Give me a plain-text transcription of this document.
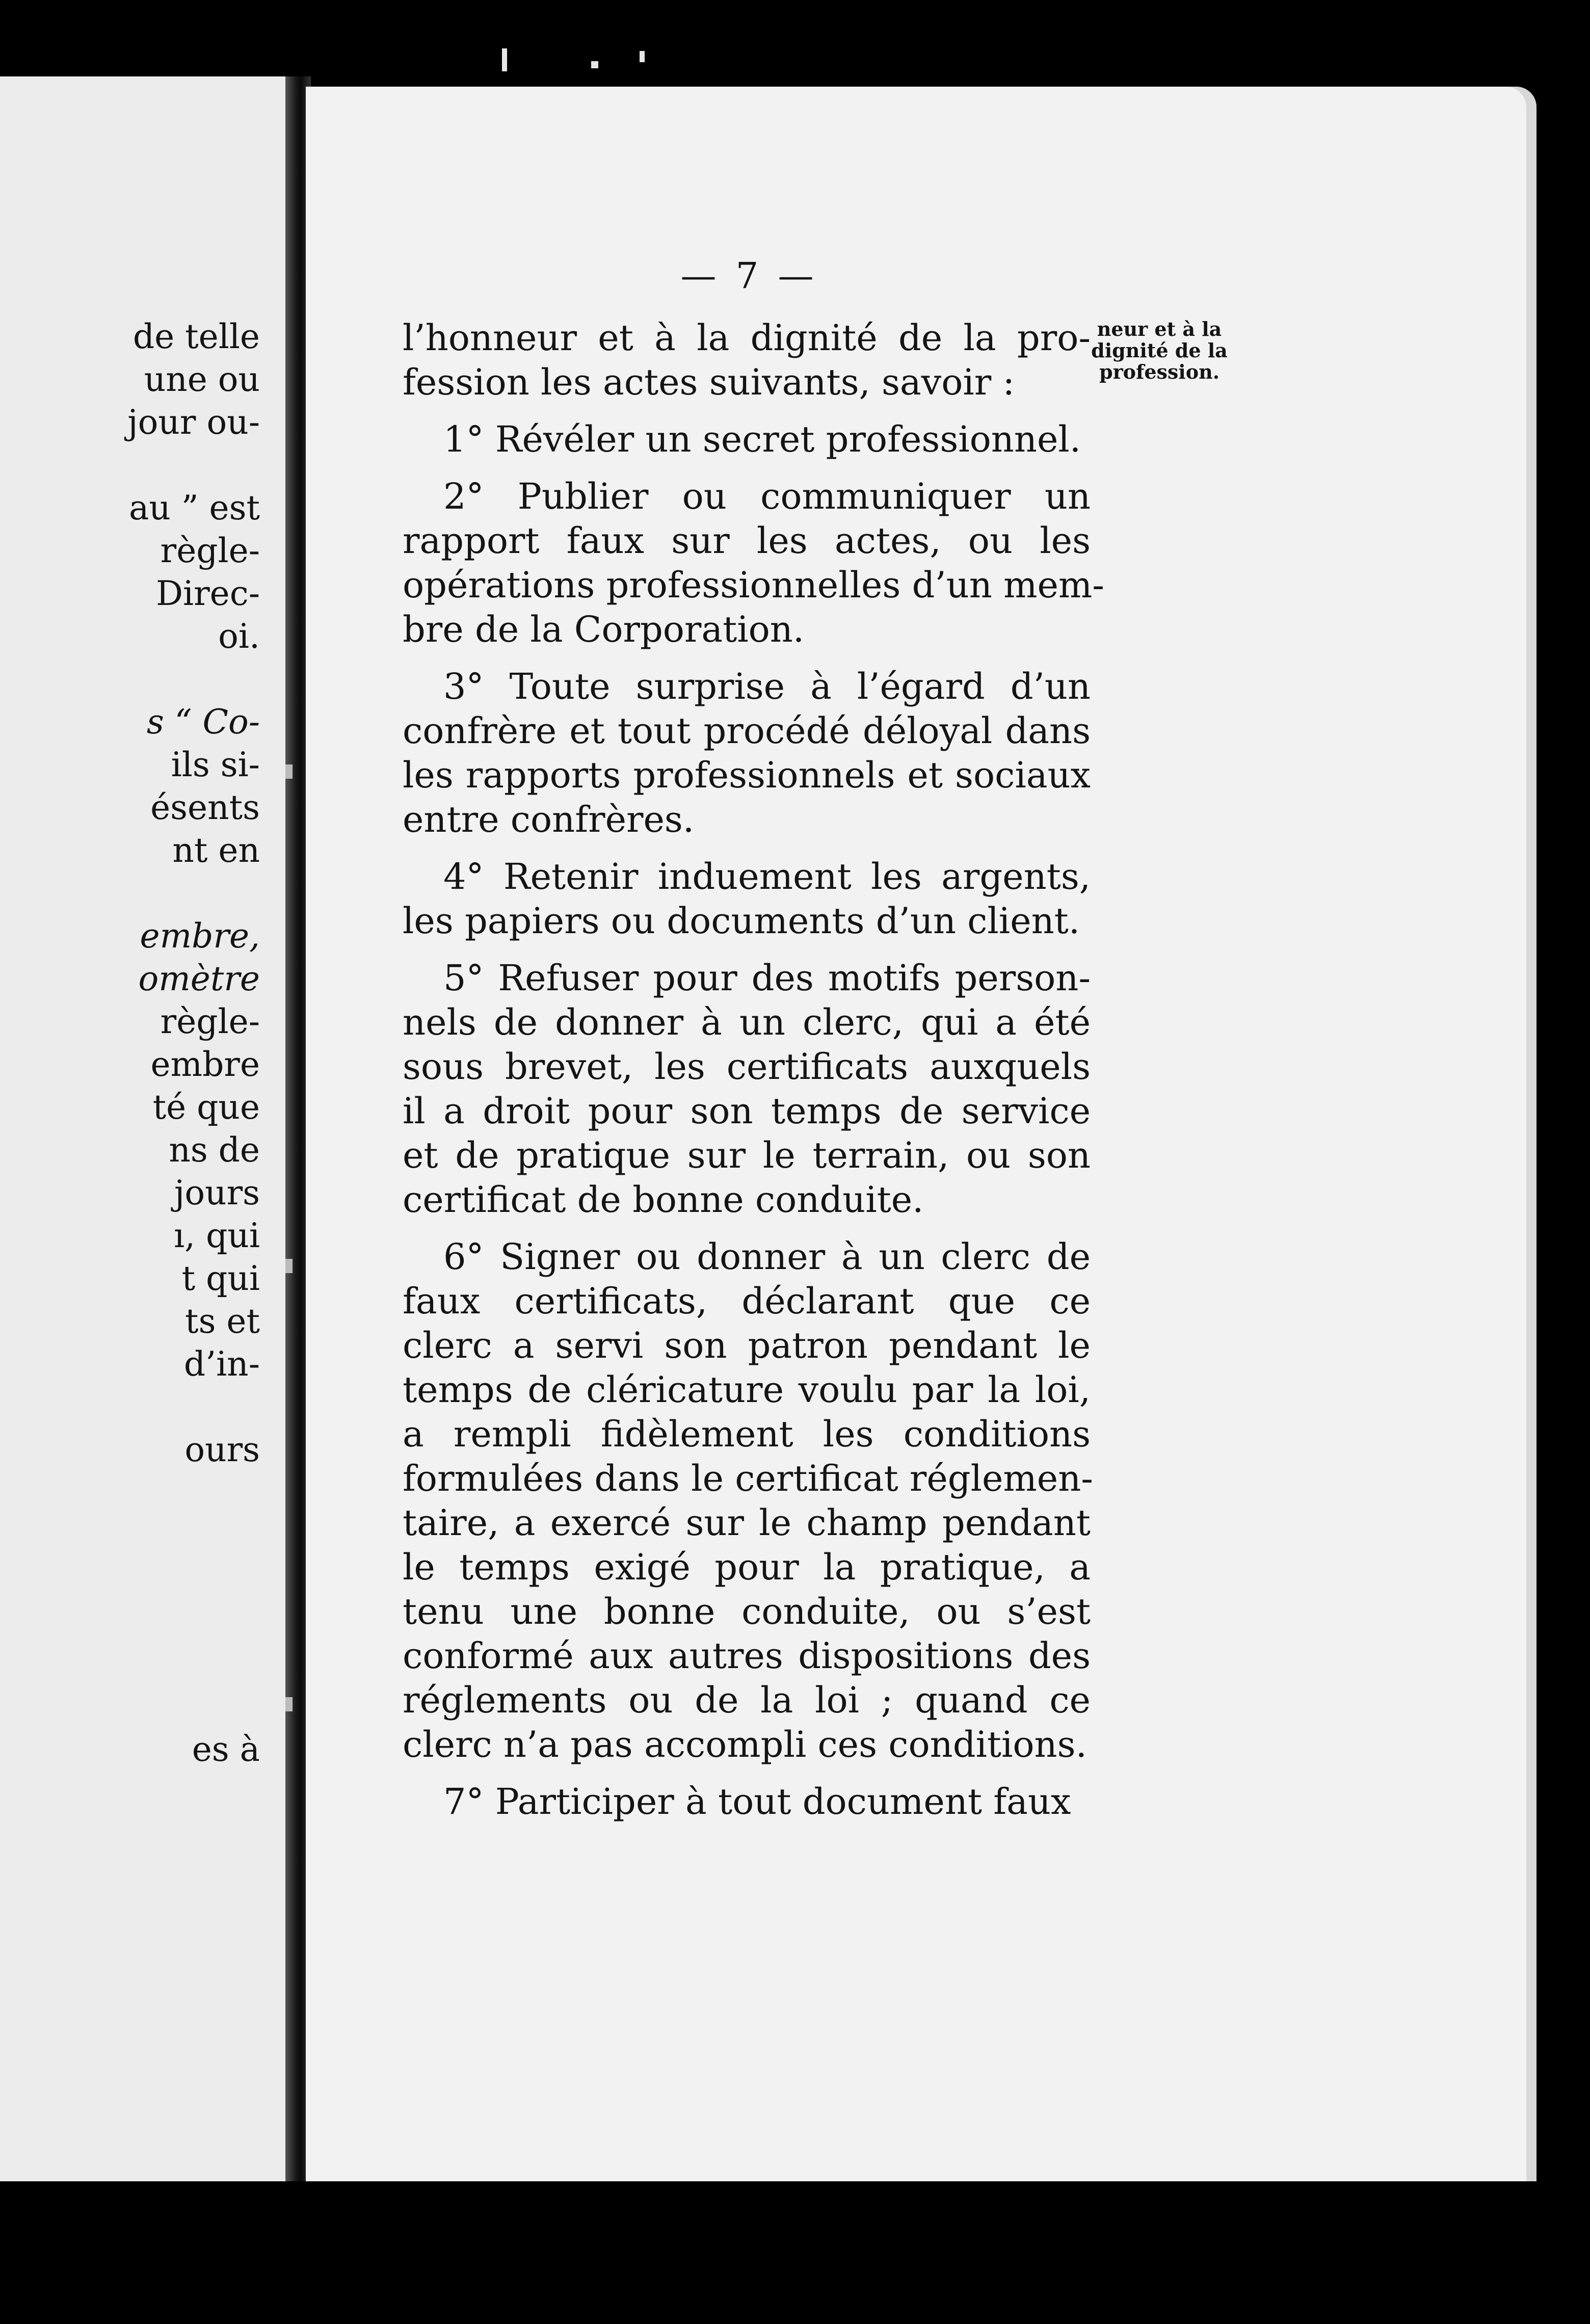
de telle
une ou
jour ou-
au ” est
règle-
Direc-
oi.
s “ Co-
ils si-
ésents
nt en
embre,
omètre
règle-
embre
té que
ns de
jours
ı, qui
t qui
ts et
d’in-
ours
es à
— 7 —
neur et à la
dignité de la
profession.
l’honneur et à la dignité de la pro-
fession les actes suivants, savoir :
1° Révéler un secret professionnel.
2° Publier ou communiquer un
rapport faux sur les actes, ou les
opérations professionnelles d’un mem-
bre de la Corporation.
3° Toute surprise à l’égard d’un
confrère et tout procédé déloyal dans
les rapports professionnels et sociaux
entre confrères.
4° Retenir induement les argents,
les papiers ou documents d’un client.
5° Refuser pour des motifs person-
nels de donner à un clerc, qui a été
sous brevet, les certificats auxquels
il a droit pour son temps de service
et de pratique sur le terrain, ou son
certificat de bonne conduite.
6° Signer ou donner à un clerc de
faux certificats, déclarant que ce
clerc a servi son patron pendant le
temps de cléricature voulu par la loi,
a rempli fidèlement les conditions
formulées dans le certificat réglemen-
taire, a exercé sur le champ pendant
le temps exigé pour la pratique, a
tenu une bonne conduite, ou s’est
conformé aux autres dispositions des
réglements ou de la loi ; quand ce
clerc n’a pas accompli ces conditions.
7° Participer à tout document faux
